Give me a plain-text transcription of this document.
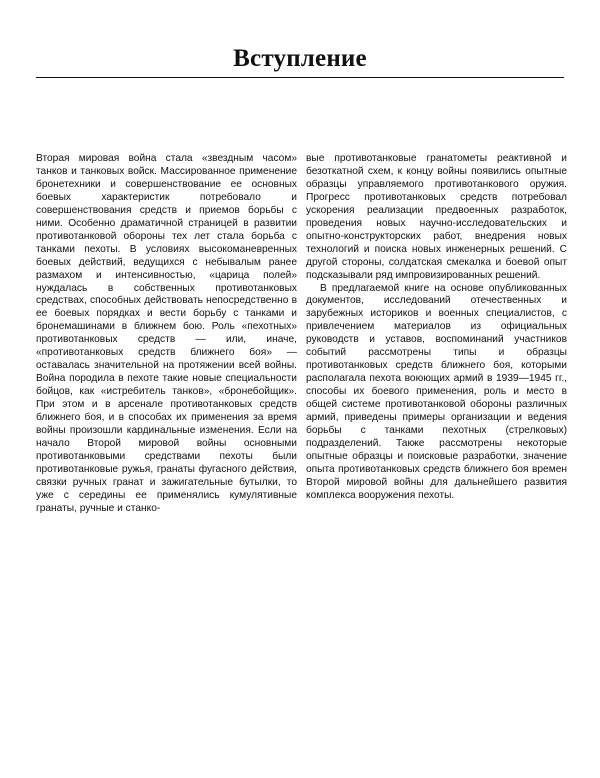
Вступление

Вторая мировая война стала «звездным часом» танков и танковых войск. Массированное применение бронетехники и совершенствование ее основных боевых характеристик потребовало и совершенствования средств и приемов борьбы с ними. Особенно драматичной страницей в развитии противотанковой обороны тех лет стала борьба с танками пехоты. В условиях высокоманевренных боевых действий, ведущихся с небывалым ранее размахом и интенсивностью, «царица полей» нуждалась в собственных противотанковых средствах, способных действовать непосредственно в ее боевых порядках и вести борьбу с танками и бронемашинами в ближнем бою. Роль «пехотных» противотанковых средств — или, иначе, «противотанковых средств ближнего боя» — оставалась значительной на протяжении всей войны. Война породила в пехоте такие новые специальности бойцов, как «истребитель танков», «бронебойщик». При этом и в арсенале противотанковых средств ближнего боя, и в способах их применения за время войны произошли кардинальные изменения. Если на начало Второй мировой войны основными противотанковыми средствами пехоты были противотанковые ружья, гранаты фугасного действия, связки ручных гранат и зажигательные бутылки, то уже с середины ее применялись кумулятивные гранаты, ручные и станко-

вые противотанковые гранатометы реактивной и безоткатной схем, к концу войны появились опытные образцы управляемого противотанкового оружия. Прогресс противотанковых средств потребовал ускорения реализации предвоенных разработок, проведения новых научно-исследовательских и опытно-конструкторских работ, внедрения новых технологий и поиска новых инженерных решений. С другой стороны, солдатская смекалка и боевой опыт подсказывали ряд импровизированных решений.

В предлагаемой книге на основе опубликованных документов, исследований отечественных и зарубежных историков и военных специалистов, с привлечением материалов из официальных руководств и уставов, воспоминаний участников событий рассмотрены типы и образцы противотанковых средств ближнего боя, которыми располагала пехота воюющих армий в 1939—1945 гг., способы их боевого применения, роль и место в общей системе противотанковой обороны различных армий, приведены примеры организации и ведения борьбы с танками пехотных (стрелковых) подразделений. Также рассмотрены некоторые опытные образцы и поисковые разработки, значение опыта противотанковых средств ближнего боя времен Второй мировой войны для дальнейшего развития комплекса вооружения пехоты.
